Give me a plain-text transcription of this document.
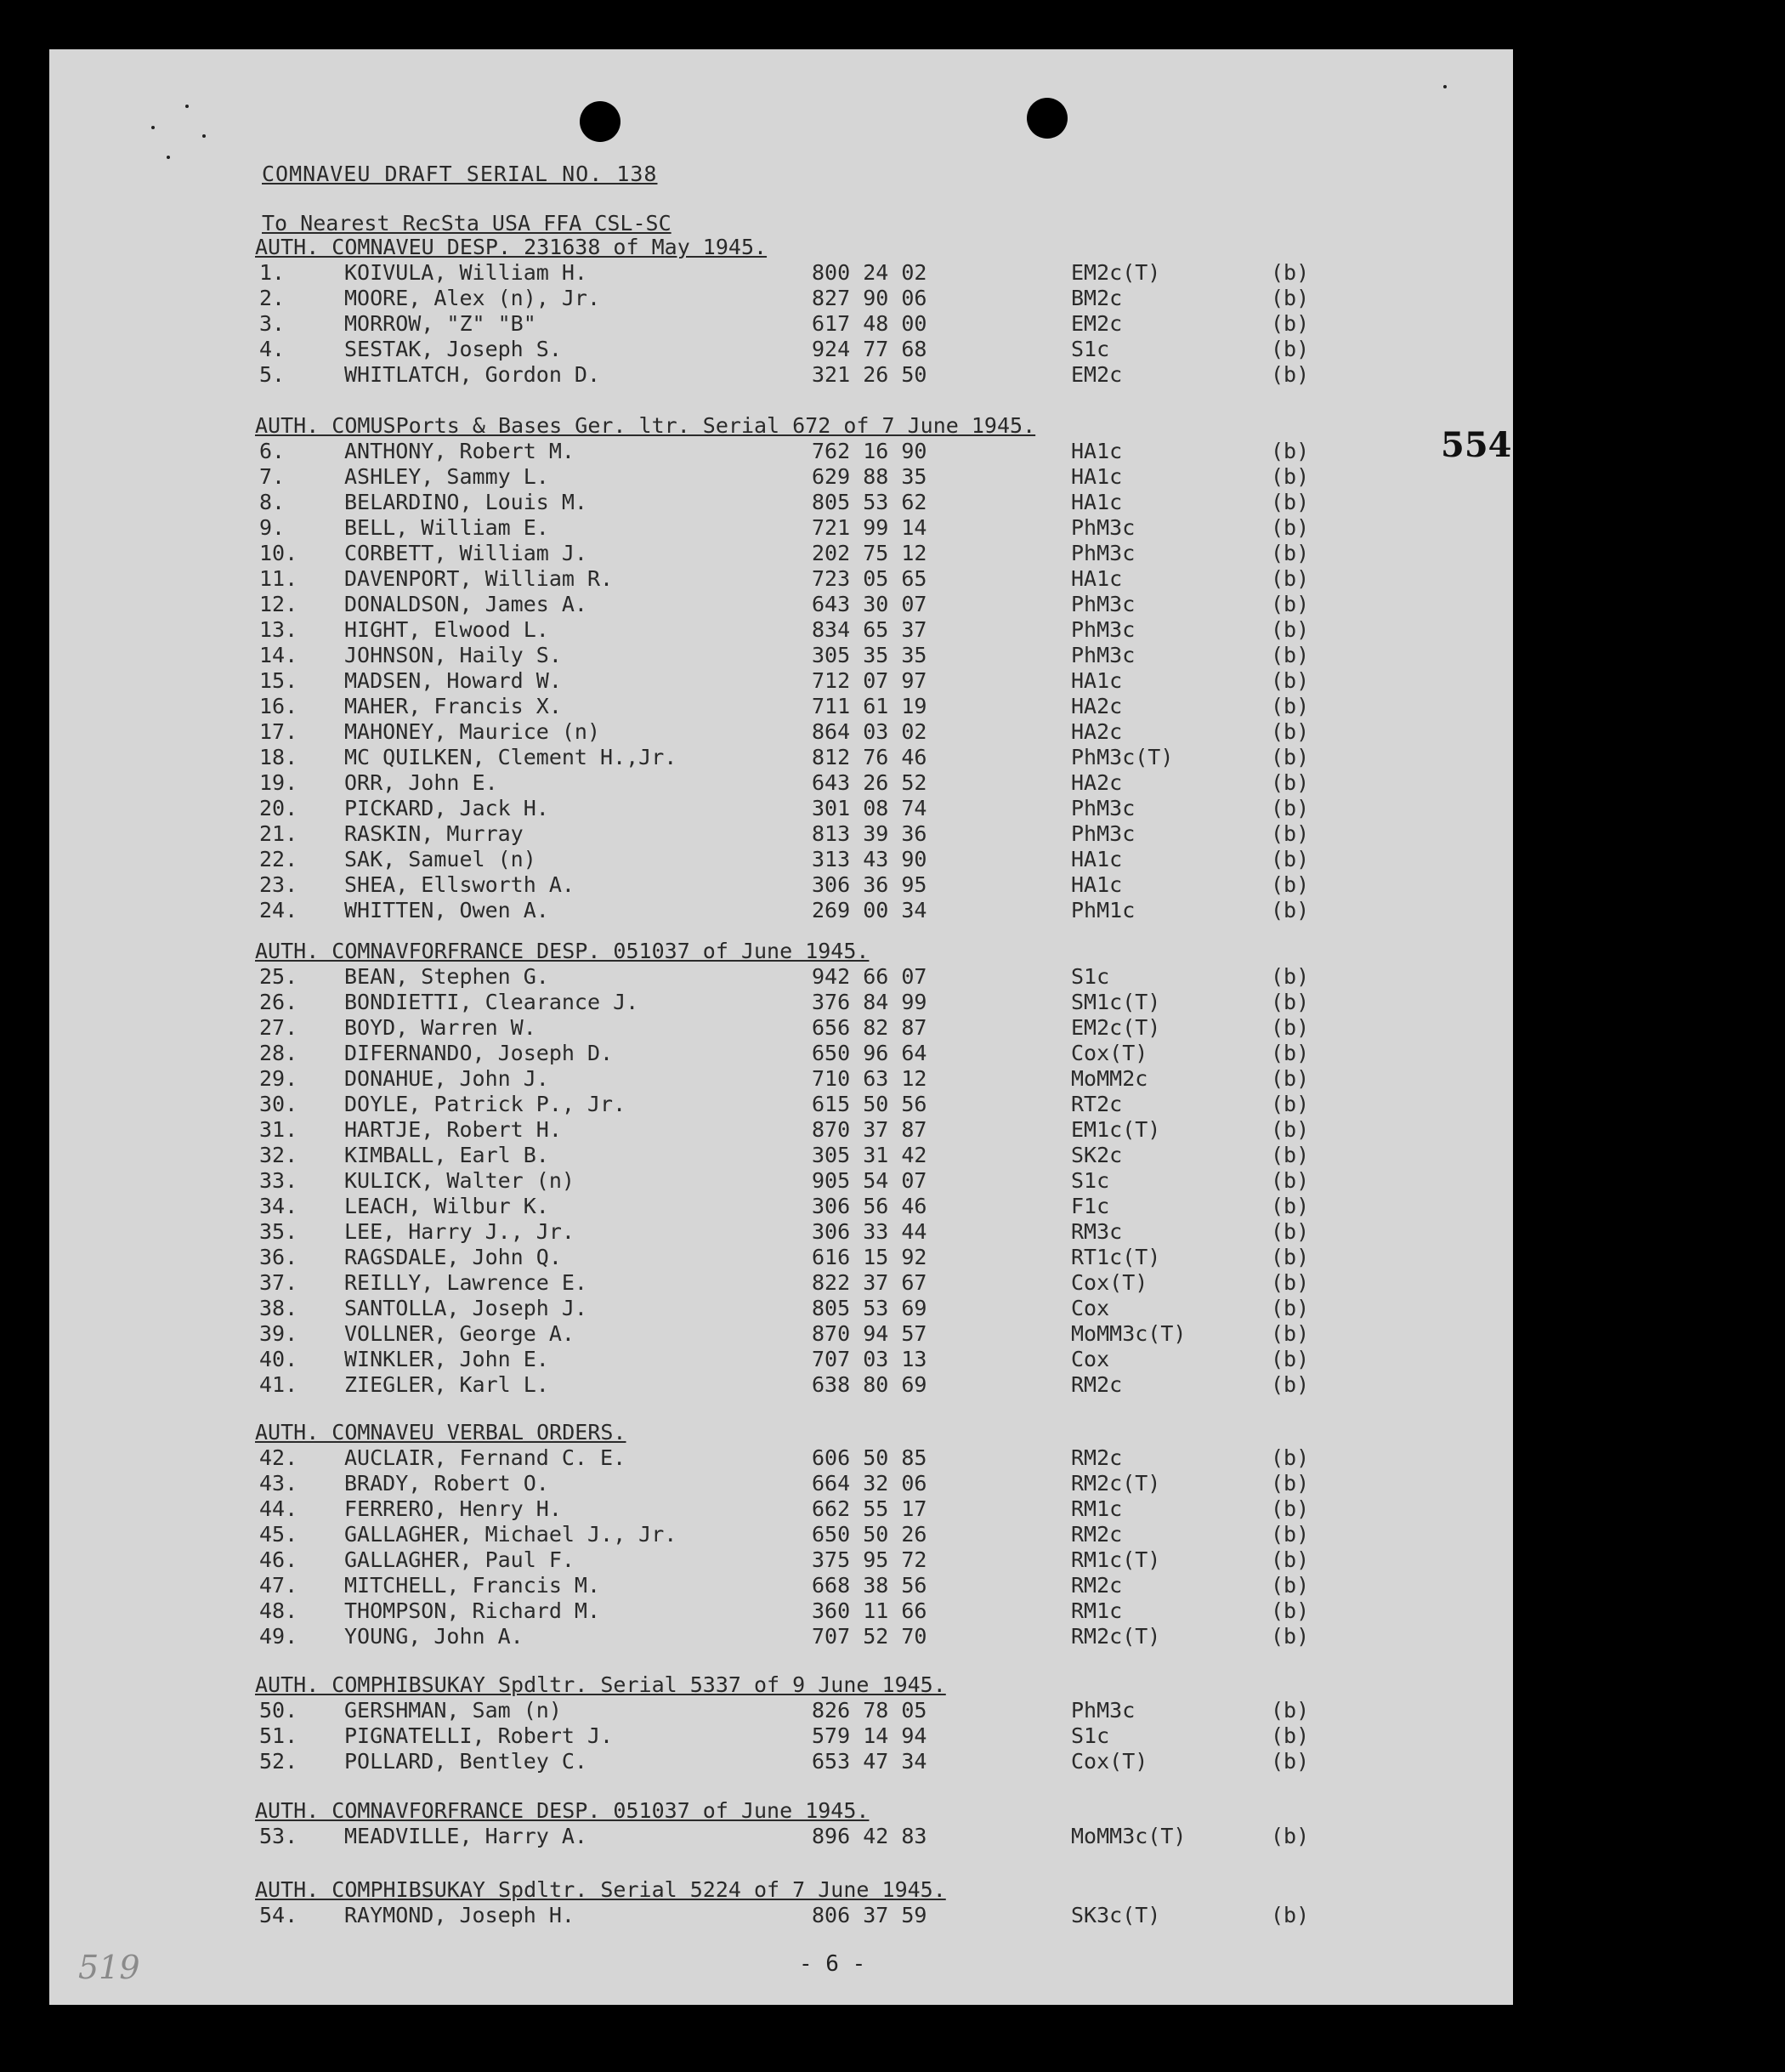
554
COMNAVEU DRAFT SERIAL NO. 138
To Nearest RecSta USA FFA CSL-SC
AUTH. COMNAVEU DESP. 231638 of May 1945.
1.	KOIVULA, William H.	800 24 02	EM2c(T)	(b)
2.	MOORE, Alex (n), Jr.	827 90 06	BM2c	(b)
3.	MORROW, "Z" "B"	617 48 00	EM2c	(b)
4.	SESTAK, Joseph S.	924 77 68	S1c	(b)
5.	WHITLATCH, Gordon D.	321 26 50	EM2c	(b)
AUTH. COMUSPorts & Bases Ger. ltr. Serial 672 of 7 June 1945.
6.	ANTHONY, Robert M.	762 16 90	HA1c	(b)
7.	ASHLEY, Sammy L.	629 88 35	HA1c	(b)
8.	BELARDINO, Louis M.	805 53 62	HA1c	(b)
9.	BELL, William E.	721 99 14	PhM3c	(b)
10. CORBETT, William J.	202 75 12	PhM3c	(b)
11. DAVENPORT, William R.	723 05 65	HA1c	(b)
12. DONALDSON, James A.	643 30 07	PhM3c	(b)
13. HIGHT, Elwood L.	834 65 37	PhM3c	(b)
14. JOHNSON, Haily S.	305 35 35	PhM3c	(b)
15. MADSEN, Howard W.	712 07 97	HA1c	(b)
16. MAHER, Francis X.	711 61 19	HA2c	(b)
17. MAHONEY, Maurice (n)	864 03 02	HA2c	(b)
18. MC QUILKEN, Clement H.,Jr.	812 76 46	PhM3c(T)	(b)
19. ORR, John E.	643 26 52	HA2c	(b)
20. PICKARD, Jack H.	301 08 74	PhM3c	(b)
21. RASKIN, Murray	813 39 36	PhM3c	(b)
22. SAK, Samuel (n)	313 43 90	HA1c	(b)
23. SHEA, Ellsworth A.	306 36 95	HA1c	(b)
24. WHITTEN, Owen A.	269 00 34	PhM1c	(b)
AUTH. COMNAVFORFRANCE DESP. 051037 of June 1945.
25. BEAN, Stephen G.	942 66 07	S1c	(b)
26. BONDIETTI, Clearance J.	376 84 99	SM1c(T)	(b)
27. BOYD, Warren W.	656 82 87	EM2c(T)	(b)
28. DIFERNANDO, Joseph D.	650 96 64	Cox(T)	(b)
29. DONAHUE, John J.	710 63 12	MoMM2c	(b)
30. DOYLE, Patrick P., Jr.	615 50 56	RT2c	(b)
31. HARTJE, Robert H.	870 37 87	EM1c(T)	(b)
32. KIMBALL, Earl B.	305 31 42	SK2c	(b)
33. KULICK, Walter (n)	905 54 07	S1c	(b)
34. LEACH, Wilbur K.	306 56 46	F1c	(b)
35. LEE, Harry J., Jr.	306 33 44	RM3c	(b)
36. RAGSDALE, John Q.	616 15 92	RT1c(T)	(b)
37. REILLY, Lawrence E.	822 37 67	Cox(T)	(b)
38. SANTOLLA, Joseph J.	805 53 69	Cox	(b)
39. VOLLNER, George A.	870 94 57	MoMM3c(T)	(b)
40. WINKLER, John E.	707 03 13	Cox	(b)
41. ZIEGLER, Karl L.	638 80 69	RM2c	(b)
AUTH. COMNAVEU VERBAL ORDERS.
42. AUCLAIR, Fernand C. E.	606 50 85	RM2c	(b)
43. BRADY, Robert O.	664 32 06	RM2c(T)	(b)
44. FERRERO, Henry H.	662 55 17	RM1c	(b)
45. GALLAGHER, Michael J., Jr.	650 50 26	RM2c	(b)
46. GALLAGHER, Paul F.	375 95 72	RM1c(T)	(b)
47. MITCHELL, Francis M.	668 38 56	RM2c	(b)
48. THOMPSON, Richard M.	360 11 66	RM1c	(b)
49. YOUNG, John A.	707 52 70	RM2c(T)	(b)
AUTH. COMPHIBSUKAY Spdltr. Serial 5337 of 9 June 1945.
50. GERSHMAN, Sam (n)	826 78 05	PhM3c	(b)
51. PIGNATELLI, Robert J.	579 14 94	S1c	(b)
52. POLLARD, Bentley C.	653 47 34	Cox(T)	(b)
AUTH. COMNAVFORFRANCE DESP. 051037 of June 1945.
53. MEADVILLE, Harry A.	896 42 83	MoMM3c(T)	(b)
AUTH. COMPHIBSUKAY Spdltr. Serial 5224 of 7 June 1945.
54. RAYMOND, Joseph H.	806 37 59	SK3c(T)	(b)
519	- 6 -
